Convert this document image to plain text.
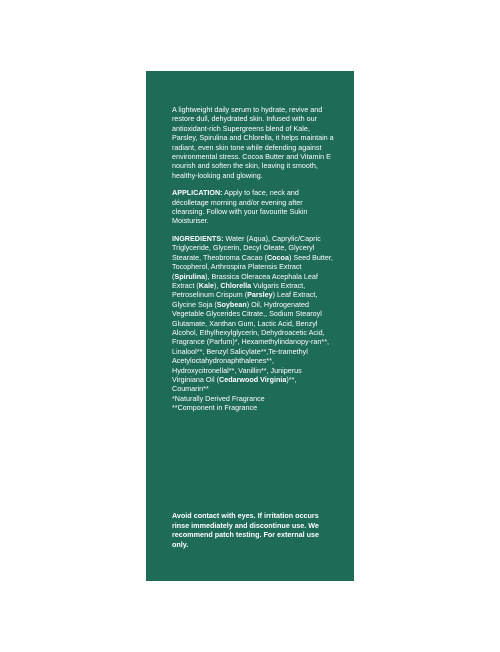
A lightweight daily serum to hydrate, revive and restore dull, dehydrated skin. Infused with our antioxidant-rich Supergreens blend of Kale, Parsley, Spirulina and Chlorella, it helps maintain a radiant, even skin tone while defending against environmental stress. Cocoa Butter and Vitamin E nourish and soften the skin, leaving it smooth, healthy-looking and glowing.

APPLICATION: Apply to face, neck and décolletage morning and/or evening after cleansing. Follow with your favourite Sukin Moisturiser.

INGREDIENTS: Water (Aqua), Caprylic/Capric Triglyceride, Glycerin, Decyl Oleate, Glyceryl Stearate, Theobroma Cacao (Cocoa) Seed Butter, Tocopherol, Arthrospira Platensis Extract (Spirulina), Brassica Oleracea Acephala Leaf Extract (Kale), Chlorella Vulgaris Extract, Petroselinum Crispum (Parsley) Leaf Extract, Glycine Soja (Soybean) Oil, Hydrogenated Vegetable Glycerides Citrate,, Sodium Stearoyl Glutamate, Xanthan Gum, Lactic Acid, Benzyl Alcohol, Ethylhexylglycerin, Dehydroacetic Acid, Fragrance (Parfum)*, Hexamethylindanopy-ran**, Linalool**, Benzyl Salicylate**,Te-tramethyl Acetyloctahydronaphthalenes**, Hydroxycitronellal**, Vanillin**, Juniperus Virginiana Oil (Cedarwood Virginia)**, Coumarin**
*Naturally Derived Fragrance
**Component in Fragrance

Avoid contact with eyes. If irritation occurs rinse immediately and discontinue use. We recommend patch testing. For external use only.
